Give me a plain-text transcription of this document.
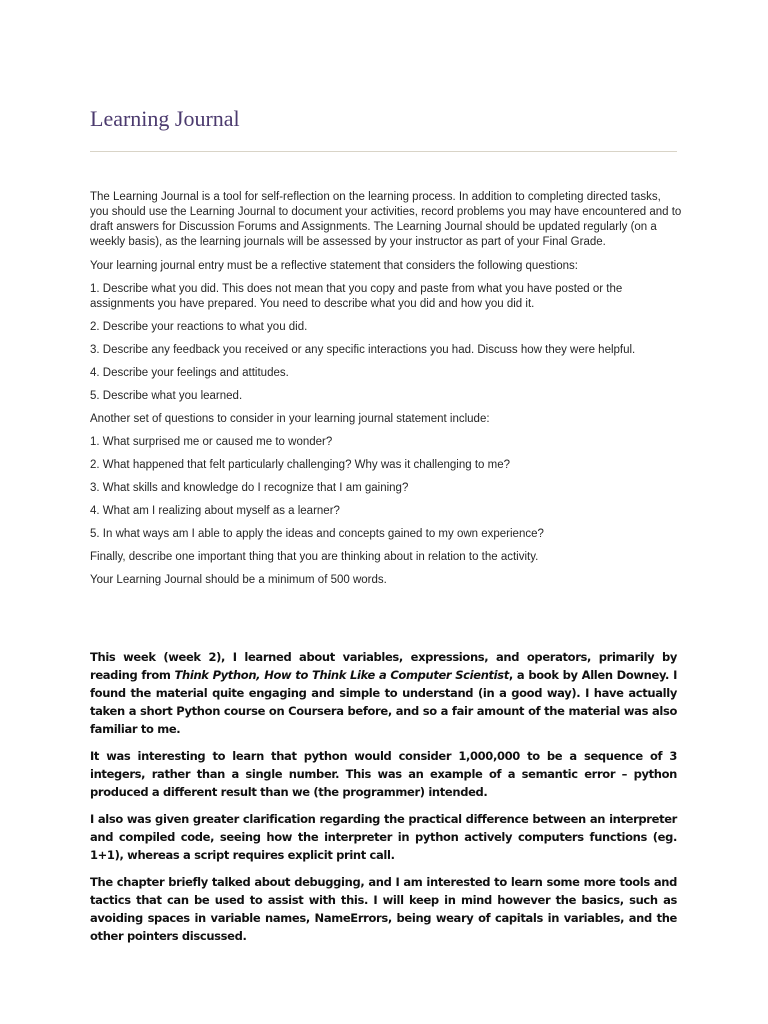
Learning Journal

The Learning Journal is a tool for self-reflection on the learning process. In addition to completing directed tasks, you should use the Learning Journal to document your activities, record problems you may have encountered and to draft answers for Discussion Forums and Assignments. The Learning Journal should be updated regularly (on a weekly basis), as the learning journals will be assessed by your instructor as part of your Final Grade.

Your learning journal entry must be a reflective statement that considers the following questions:

1. Describe what you did. This does not mean that you copy and paste from what you have posted or the assignments you have prepared. You need to describe what you did and how you did it.

2. Describe your reactions to what you did.

3. Describe any feedback you received or any specific interactions you had. Discuss how they were helpful.

4. Describe your feelings and attitudes.

5. Describe what you learned.

Another set of questions to consider in your learning journal statement include:

1. What surprised me or caused me to wonder?

2. What happened that felt particularly challenging? Why was it challenging to me?

3. What skills and knowledge do I recognize that I am gaining?

4. What am I realizing about myself as a learner?

5. In what ways am I able to apply the ideas and concepts gained to my own experience?

Finally, describe one important thing that you are thinking about in relation to the activity.

Your Learning Journal should be a minimum of 500 words.

This week (week 2), I learned about variables, expressions, and operators, primarily by reading from Think Python, How to Think Like a Computer Scientist, a book by Allen Downey. I found the material quite engaging and simple to understand (in a good way). I have actually taken a short Python course on Coursera before, and so a fair amount of the material was also familiar to me.

It was interesting to learn that python would consider 1,000,000 to be a sequence of 3 integers, rather than a single number. This was an example of a semantic error – python produced a different result than we (the programmer) intended.

I also was given greater clarification regarding the practical difference between an interpreter and compiled code, seeing how the interpreter in python actively computers functions (eg. 1+1), whereas a script requires explicit print call.

The chapter briefly talked about debugging, and I am interested to learn some more tools and tactics that can be used to assist with this. I will keep in mind however the basics, such as avoiding spaces in variable names, NameErrors, being weary of capitals in variables, and the other pointers discussed.
